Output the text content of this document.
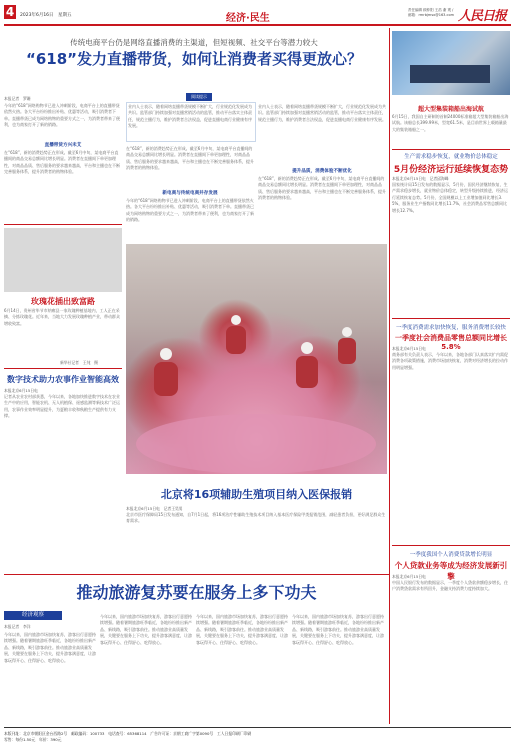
4	2023年6月16日　星期五	经济·民生
责任编辑 顾仲阳 王浩 谢 观 / 邮箱：rmrbjmsx@163.com 人民日报
传统电商平台仍是网络直播消费的主渠道，但短视频、社交平台等潜力较大
“618”发力直播带货，如何让消费者买得更放心？
本报记者　罗珊	阅读提示
今年的“618”网络购物节已进入冲刺阶段，电商平台上的直播带货依然火热。各大平台纷纷推出补贴、优惠等活动，吸引消费者下单。直播带货已成为网络购物的重要方式之一，为消费者带来了便利，也为商家打开了新的销路。
直播带货方兴未艾
在“618”，新的消费趋势正在形成。截至6月中旬，某电商平台直播间的商品交易总额同比增长明显。消费者在直播间下单更加理性，对商品品质、售后服务的要求越来越高，平台和主播也在不断完善服务体系，提升消费者的购物体验。
业内人士表示，随着网络直播带货规模不断扩大，行业规范化发展成为共识。监管部门持续加强对直播营销活动的监管，推动平台落实主体责任，规范主播行为，维护消费者合法权益，促进直播电商行业健康有序发展。
在“618”，新的消费趋势正在形成。截至6月中旬，某电商平台直播间的商品交易总额同比增长明显。消费者在直播间下单更加理性，对商品品质、售后服务的要求越来越高，平台和主播也在不断完善服务体系，提升消费者的购物体验。
新电商与传统电商并存发展
今年的“618”网络购物节已进入冲刺阶段，电商平台上的直播带货依然火热。各大平台纷纷推出补贴、优惠等活动，吸引消费者下单。直播带货已成为网络购物的重要方式之一，为消费者带来了便利，也为商家打开了新的销路。
业内人士表示，随着网络直播带货规模不断扩大，行业规范化发展成为共识。监管部门持续加强对直播营销活动的监管，推动平台落实主体责任，规范主播行为，维护消费者合法权益，促进直播电商行业健康有序发展。
提升品质，消费体验不断优化
在“618”，新的消费趋势正在形成。截至6月中旬，某电商平台直播间的商品交易总额同比增长明显。消费者在直播间下单更加理性，对商品品质、售后服务的要求越来越高，平台和主播也在不断完善服务体系，提升消费者的购物体验。
超大型集装箱船出海试航
6月15日，我国自主研制的首制24000标准箱超大型集装箱船出海试航。该船总长399.99米，型宽61.5米，是目前世界上载箱量最大的集装箱船之一。
生产需求稳步恢复，就业物价总体稳定
5月份经济运行延续恢复态势
本报北京6月15日电　记者邱海峰
国家统计局15日发布的数据显示，5月份，国民经济继续恢复，生产需求稳步增长，就业物价总体稳定，转型升级持续推进，经济运行延续恢复态势。5月份，全国规模以上工业增加值同比增长3.5%，服务业生产指数同比增长11.7%，社会消费品零售总额同比增长12.7%。
一季度消费需求加快恢复，服务消费增长较快
一季度社会消费品零售总额同比增长5.8%
本报北京6月15日电
商务部有关负责人表示，今年以来，各地各部门认真落实扩内需促消费各项政策措施，消费市场加快恢复，消费对经济增长的拉动作用明显增强。
一季度我国个人消费贷款增长明显
个人贷款业务等成为经济发展新引擎
本报北京6月15日电
中国人民银行发布的数据显示，一季度个人贷款余额稳步增长，住户消费贷款需求有所回升，金融支持消费力度持续加大。
玫瑰花插出致富路
6月14日，贵州省毕节市纳雍县一家玫瑰种植基地内，工人正在采摘、分拣玫瑰花。近年来，当地大力发展玫瑰种植产业，带动群众增收致富。
新华社记者　王纯　摄
数字技术助力农事作业智能高效
本报北京6月15日电
记者从农业农村部获悉，今年以来，各地加快推进数字技术在农业生产中的应用，智能农机、无人机植保、遥感监测等新技术广泛运用，农事作业效率明显提升，为夏粮丰收和秋粮生产提供有力支撑。
北京将16项辅助生殖项目纳入医保报销
本报北京6月15日电　记者王昊男
北京市医疗保障局15日发布通知，自7月1日起，将16项治疗性辅助生殖技术项目纳入基本医疗保险甲类报销范围，减轻患者负担，更好满足群众生育需求。
推动旅游复苏要在服务上多下功夫
经济观察
本报记者　李洋
今年以来，国内旅游市场加快复苏，游客出行意愿持续增强。随着暑期旅游旺季临近，各地纷纷推出新产品、新线路，吸引游客前往。推动旅游业高质量发展，关键要在服务上下功夫，提升游客满意度，让游客玩得开心、住得舒心、吃得放心。
今年以来，国内旅游市场加快复苏，游客出行意愿持续增强。随着暑期旅游旺季临近，各地纷纷推出新产品、新线路，吸引游客前往。推动旅游业高质量发展，关键要在服务上下功夫，提升游客满意度，让游客玩得开心、住得舒心、吃得放心。
今年以来，国内旅游市场加快复苏，游客出行意愿持续增强。随着暑期旅游旺季临近，各地纷纷推出新产品、新线路，吸引游客前往。推动旅游业高质量发展，关键要在服务上下功夫，提升游客满意度，让游客玩得开心、住得舒心、吃得放心。
今年以来，国内旅游市场加快复苏，游客出行意愿持续增强。随着暑期旅游旺季临近，各地纷纷推出新产品、新线路，吸引游客前往。推动旅游业高质量发展，关键要在服务上下功夫，提升游客满意度，让游客玩得开心、住得舒心、吃得放心。
本版刊址：北京市朝阳区金台西路2号　邮政编码：100733　电话查号：65368114　广告许可证：京朝工商广字第0090号　工人日报印刷厂印刷
零售：每份1.50元　年价：390元
